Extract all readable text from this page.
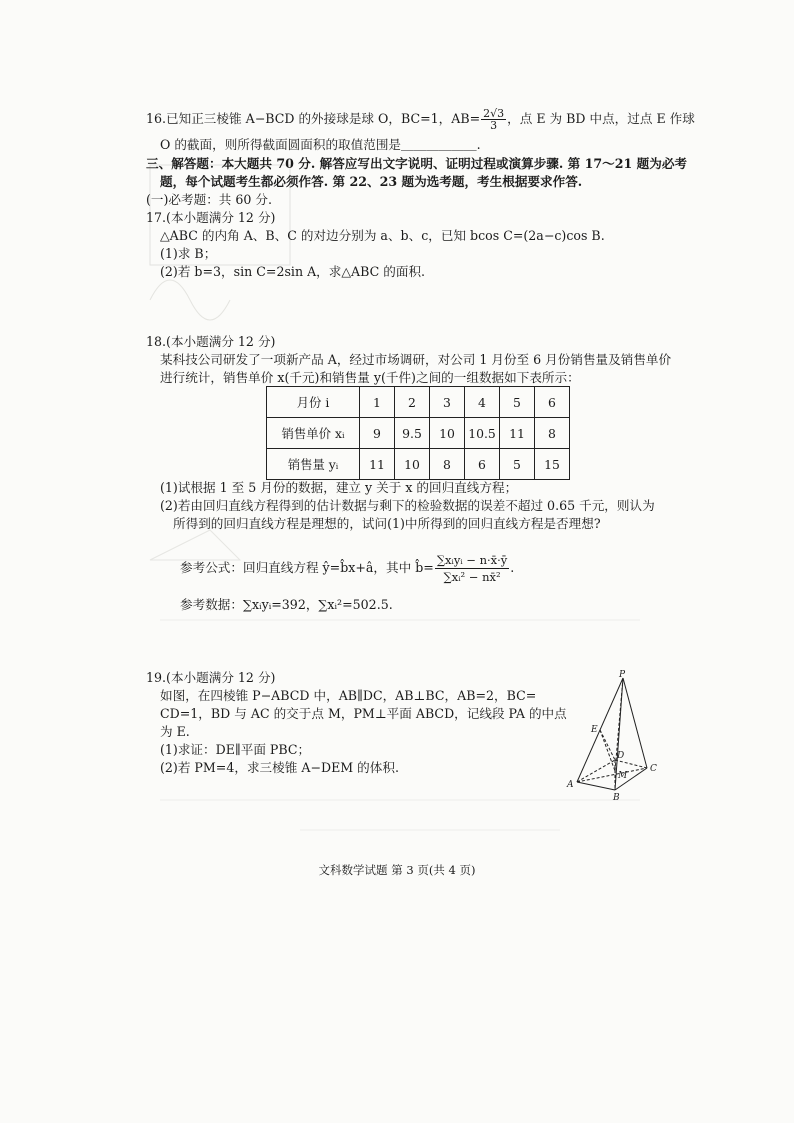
16.已知正三棱锥 A−BCD 的外接球是球 O，BC=1，$AB= \frac{2√3}{3}$ ，点 E 为 BD 中点，过点 E 作球
O 的截面，则所得截面圆面积的取值范围是＿＿＿＿＿＿.
三、解答题：本大题共 70 分. 解答应写出文字说明、证明过程或演算步骤. 第 17～21 题为必考
题，每个试题考生都必须作答. 第 22、23 题为选考题，考生根据要求作答.
(一)必考题：共 60 分.
17.(本小题满分 12 分)
△ABC 的内角 A、B、C 的对边分别为 a、b、c，已知 bcos C=(2a−c)cos B.
(1)求 B；
(2)若 b=3，sin C=2sin A，求△ABC 的面积.
18.(本小题满分 12 分)
某科技公司研发了一项新产品 A，经过市场调研，对公司 1 月份至 6 月份销售量及销售单价
进行统计，销售单价 x(千元)和销售量 y(千件)之间的一组数据如下表所示：
月份 i	1	2	3	4	5	6
销售单价 xᵢ	9	9.5	10	10.5	11	8
销售量 yᵢ	11	10	8	6	5	15
(1)试根据 1 至 5 月份的数据，建立 y 关于 x 的回归直线方程；
(2)若由回归直线方程得到的估计数据与剩下的检验数据的误差不超过 0.65 千元，则认为
所得到的回归直线方程是理想的，试问(1)中所得到的回归直线方程是否理想?
参考公式：回归直线方程 ŷ=b̂x+â，其中 b̂= $\frac{\text{∑xᵢyᵢ − n·x̄·ȳ}}{\text{∑xᵢ² − nx̄²}}$ .
参考数据：∑xᵢyᵢ=392，∑xᵢ²=502.5.
19.(本小题满分 12 分)
如图，在四棱锥 P−ABCD 中，AB∥DC，AB⊥BC，AB=2，BC=
CD=1，BD 与 AC 的交于点 M，PM⊥平面 ABCD，记线段 PA 的中点
为 E.
(1)求证：DE∥平面 PBC；
(2)若 PM=4，求三棱锥 A−DEM 的体积.
P
E
D
M
A
B
C
文科数学试题 第 3 页(共 4 页)
